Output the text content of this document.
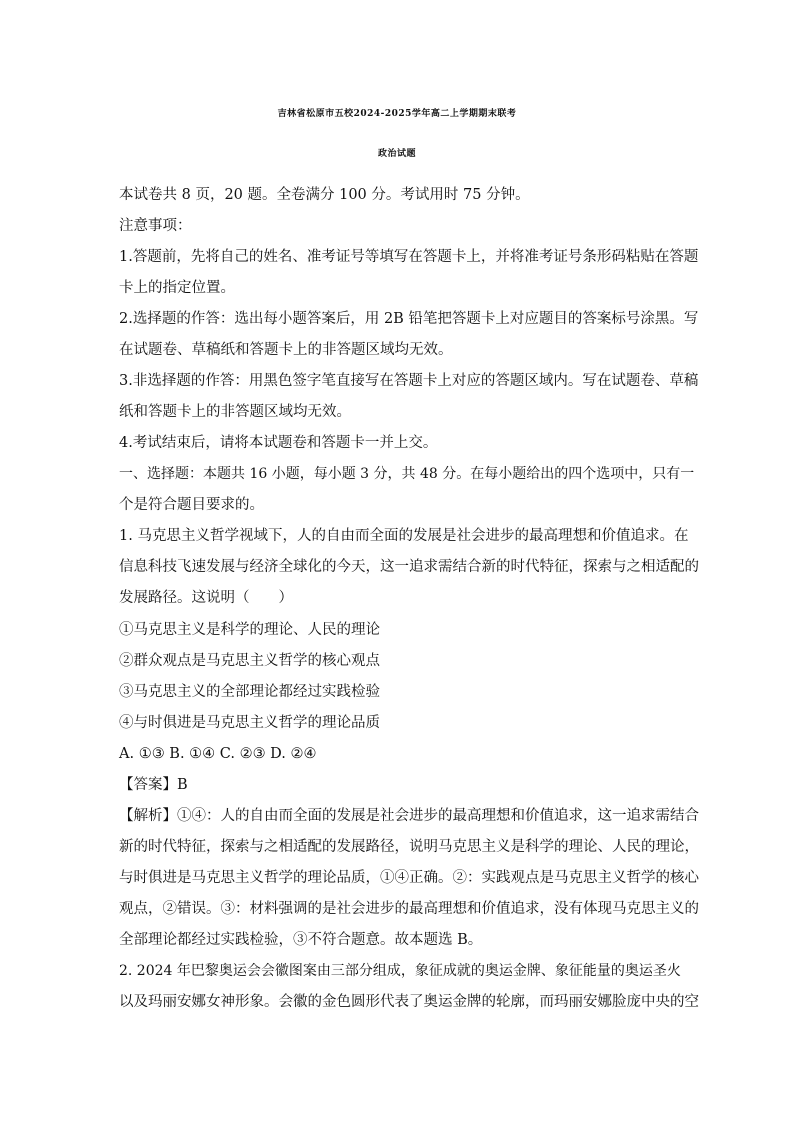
吉林省松原市五校2024-2025学年高二上学期期末联考
政治试题
本试卷共 8 页，20 题。全卷满分 100 分。考试用时 75 分钟。
注意事项：
1.答题前，先将自己的姓名、准考证号等填写在答题卡上，并将准考证号条形码粘贴在答题
卡上的指定位置。
2.选择题的作答：选出每小题答案后，用 2B 铅笔把答题卡上对应题目的答案标号涂黑。写
在试题卷、草稿纸和答题卡上的非答题区域均无效。
3.非选择题的作答：用黑色签字笔直接写在答题卡上对应的答题区域内。写在试题卷、草稿
纸和答题卡上的非答题区域均无效。
4.考试结束后，请将本试题卷和答题卡一并上交。
一、选择题：本题共 16 小题，每小题 3 分，共 48 分。在每小题给出的四个选项中，只有一
个是符合题目要求的。
1. 马克思主义哲学视域下，人的自由而全面的发展是社会进步的最高理想和价值追求。在
信息科技飞速发展与经济全球化的今天，这一追求需结合新的时代特征，探索与之相适配的
发展路径。这说明（　　）
①马克思主义是科学的理论、人民的理论
②群众观点是马克思主义哲学的核心观点
③马克思主义的全部理论都经过实践检验
④与时俱进是马克思主义哲学的理论品质
A. ①③ B. ①④ C. ②③ D. ②④
【答案】B
【解析】①④：人的自由而全面的发展是社会进步的最高理想和价值追求，这一追求需结合
新的时代特征，探索与之相适配的发展路径，说明马克思主义是科学的理论、人民的理论，
与时俱进是马克思主义哲学的理论品质，①④正确。②：实践观点是马克思主义哲学的核心
观点，②错误。③：材料强调的是社会进步的最高理想和价值追求，没有体现马克思主义的
全部理论都经过实践检验，③不符合题意。故本题选 B。
2. 2024 年巴黎奥运会会徽图案由三部分组成，象征成就的奥运金牌、象征能量的奥运圣火
以及玛丽安娜女神形象。会徽的金色圆形代表了奥运金牌的轮廓，而玛丽安娜脸庞中央的空
